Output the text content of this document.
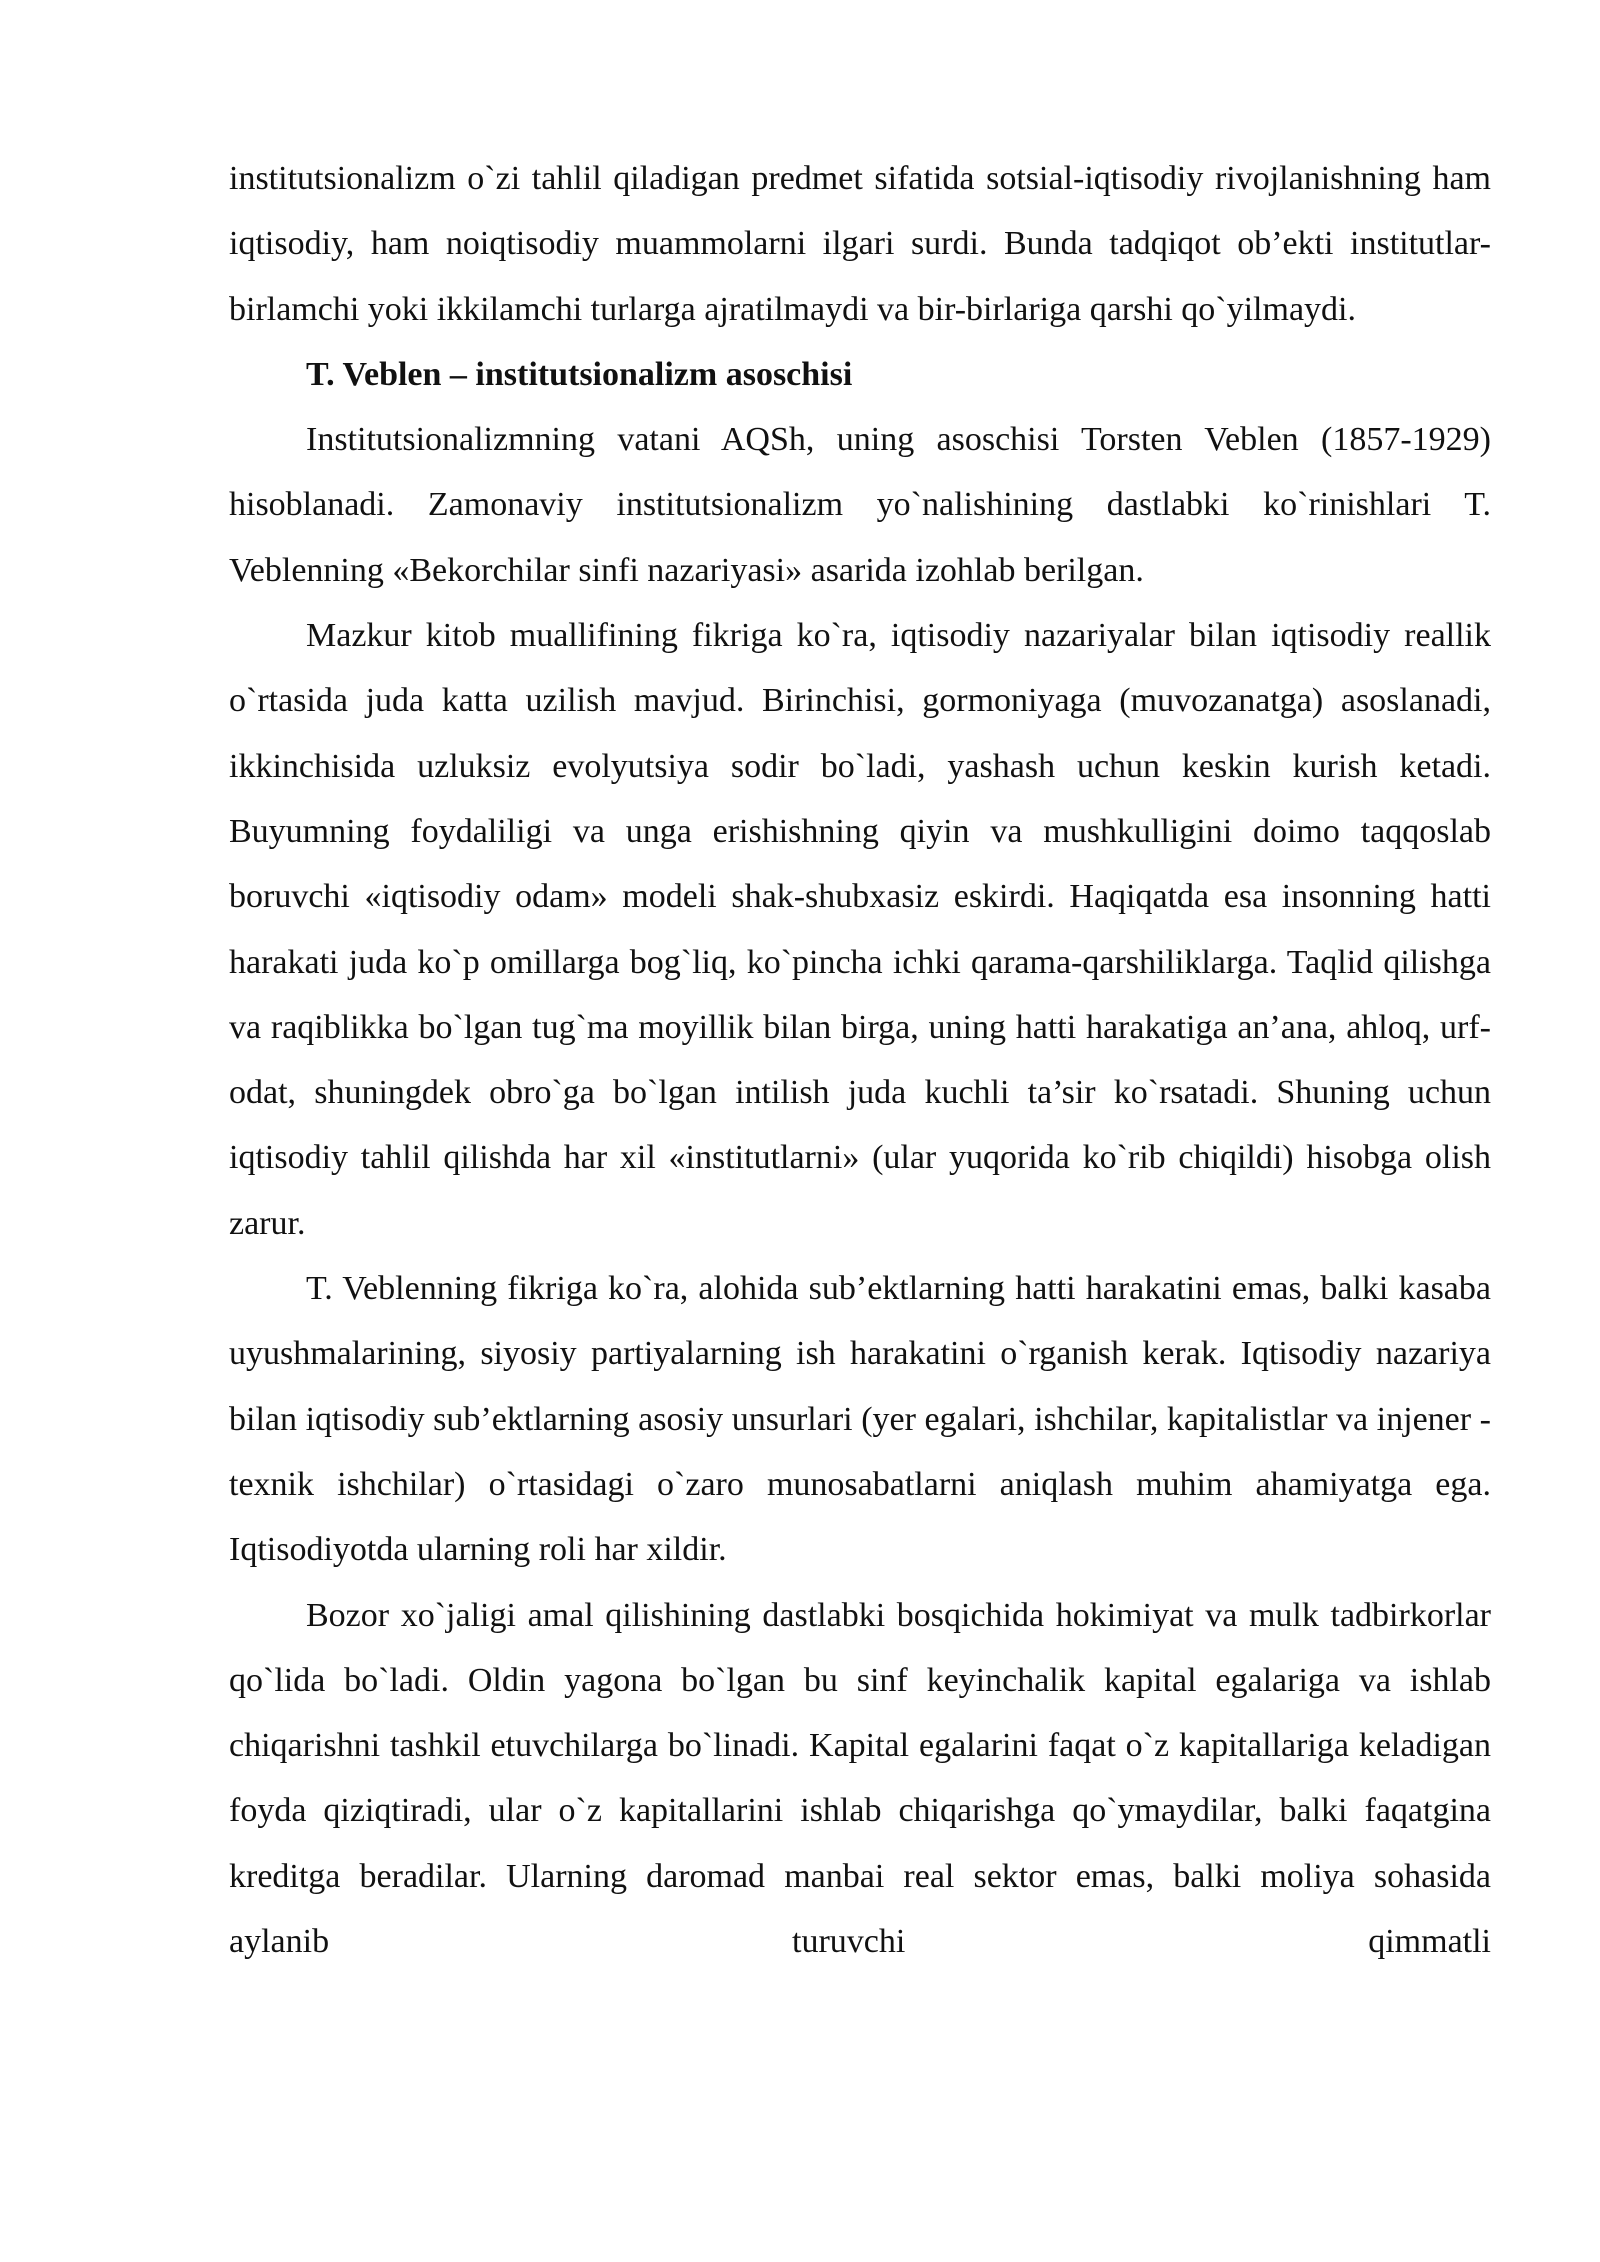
institutsionalizm o`zi tahlil qiladigan predmet sifatida sotsial-iqtisodiy rivojlanishning ham iqtisodiy, ham noiqtisodiy muammolarni ilgari surdi. Bunda tadqiqot ob’ekti institutlar-birlamchi yoki ikkilamchi turlarga ajratilmaydi va bir-birlariga qarshi qo`yilmaydi.

T. Veblen – institutsionalizm asoschisi

Institutsionalizmning vatani AQSh, uning asoschisi Torsten Veblen (1857-1929) hisoblanadi. Zamonaviy institutsionalizm yo`nalishining dastlabki ko`rinishlari T. Veblenning «Bekorchilar sinfi nazariyasi» asarida izohlab berilgan.

Mazkur kitob muallifining fikriga ko`ra, iqtisodiy nazariyalar bilan iqtisodiy reallik o`rtasida juda katta uzilish mavjud. Birinchisi, gormoniyaga (muvozanatga) asoslanadi, ikkinchisida uzluksiz evolyutsiya sodir bo`ladi, yashash uchun keskin kurish ketadi. Buyumning foydaliligi va unga erishishning qiyin va mushkulligini doimo taqqoslab boruvchi «iqtisodiy odam» modeli shak-shubxasiz eskirdi. Haqiqatda esa insonning hatti harakati juda ko`p omillarga bog`liq, ko`pincha ichki qarama-qarshiliklarga. Taqlid qilishga va raqiblikka bo`lgan tug`ma moyillik bilan birga, uning hatti harakatiga an’ana, ahloq, urf-odat, shuningdek obro`ga bo`lgan intilish juda kuchli ta’sir ko`rsatadi. Shuning uchun iqtisodiy tahlil qilishda har xil «institutlarni» (ular yuqorida ko`rib chiqildi) hisobga olish zarur.

T. Veblenning fikriga ko`ra, alohida sub’ektlarning hatti harakatini emas, balki kasaba uyushmalarining, siyosiy partiyalarning ish harakatini o`rganish kerak. Iqtisodiy nazariya bilan iqtisodiy sub’ektlarning asosiy unsurlari (yer egalari, ishchilar, kapitalistlar va injener - texnik ishchilar) o`rtasidagi o`zaro munosabatlarni aniqlash muhim ahamiyatga ega. Iqtisodiyotda ularning roli har xildir.

Bozor xo`jaligi amal qilishining dastlabki bosqichida hokimiyat va mulk tadbirkorlar qo`lida bo`ladi. Oldin yagona bo`lgan bu sinf keyinchalik kapital egalariga va ishlab chiqarishni tashkil etuvchilarga bo`linadi. Kapital egalarini faqat o`z kapitallariga keladigan foyda qiziqtiradi, ular o`z kapitallarini ishlab chiqarishga qo`ymaydilar, balki faqatgina kreditga beradilar. Ularning daromad manbai real sektor emas, balki moliya sohasida aylanib turuvchi qimmatli
